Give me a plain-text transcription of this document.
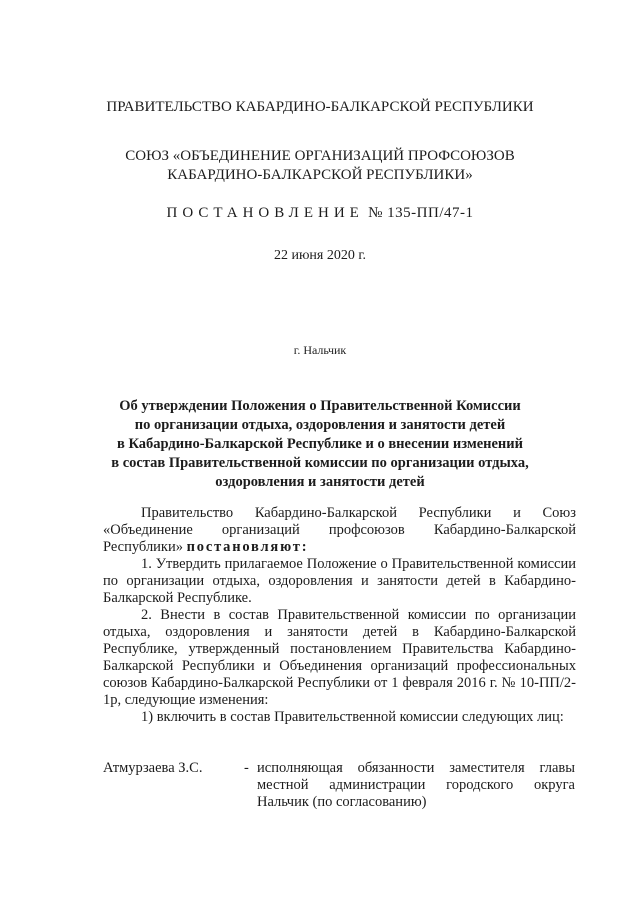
ПРАВИТЕЛЬСТВО КАБАРДИНО-БАЛКАРСКОЙ РЕСПУБЛИКИ
СОЮЗ «ОБЪЕДИНЕНИЕ ОРГАНИЗАЦИЙ ПРОФСОЮЗОВ
КАБАРДИНО-БАЛКАРСКОЙ РЕСПУБЛИКИ»
ПОСТАНОВЛЕНИЕ № 135-ПП/47-1
22 июня 2020 г.
г. Нальчик
Об утверждении Положения о Правительственной Комиссии
по организации отдыха, оздоровления и занятости детей
в Кабардино-Балкарской Республике и о внесении изменений
в состав Правительственной комиссии по организации отдыха,
оздоровления и занятости детей

Правительство Кабардино-Балкарской Республики и Союз «Объединение организаций профсоюзов Кабардино-Балкарской Республики» постановляют:

1. Утвердить прилагаемое Положение о Правительственной комиссии по организации отдыха, оздоровления и занятости детей в Кабардино-Балкарской Республике.

2. Внести в состав Правительственной комиссии по организации отдыха, оздоровления и занятости детей в Кабардино-Балкарской Республике, утвержденный постановлением Правительства Кабардино-Балкарской Республики и Объединения организаций профессиональных союзов Кабардино-Балкарской Республики от 1 февраля 2016 г. № 10-ПП/2-1р, следующие изменения:

1) включить в состав Правительственной комиссии следующих лиц:

Атмурзаева З.С.	- исполняющая обязанности заместителя главы местной администрации городского округа Нальчик (по согласованию)
